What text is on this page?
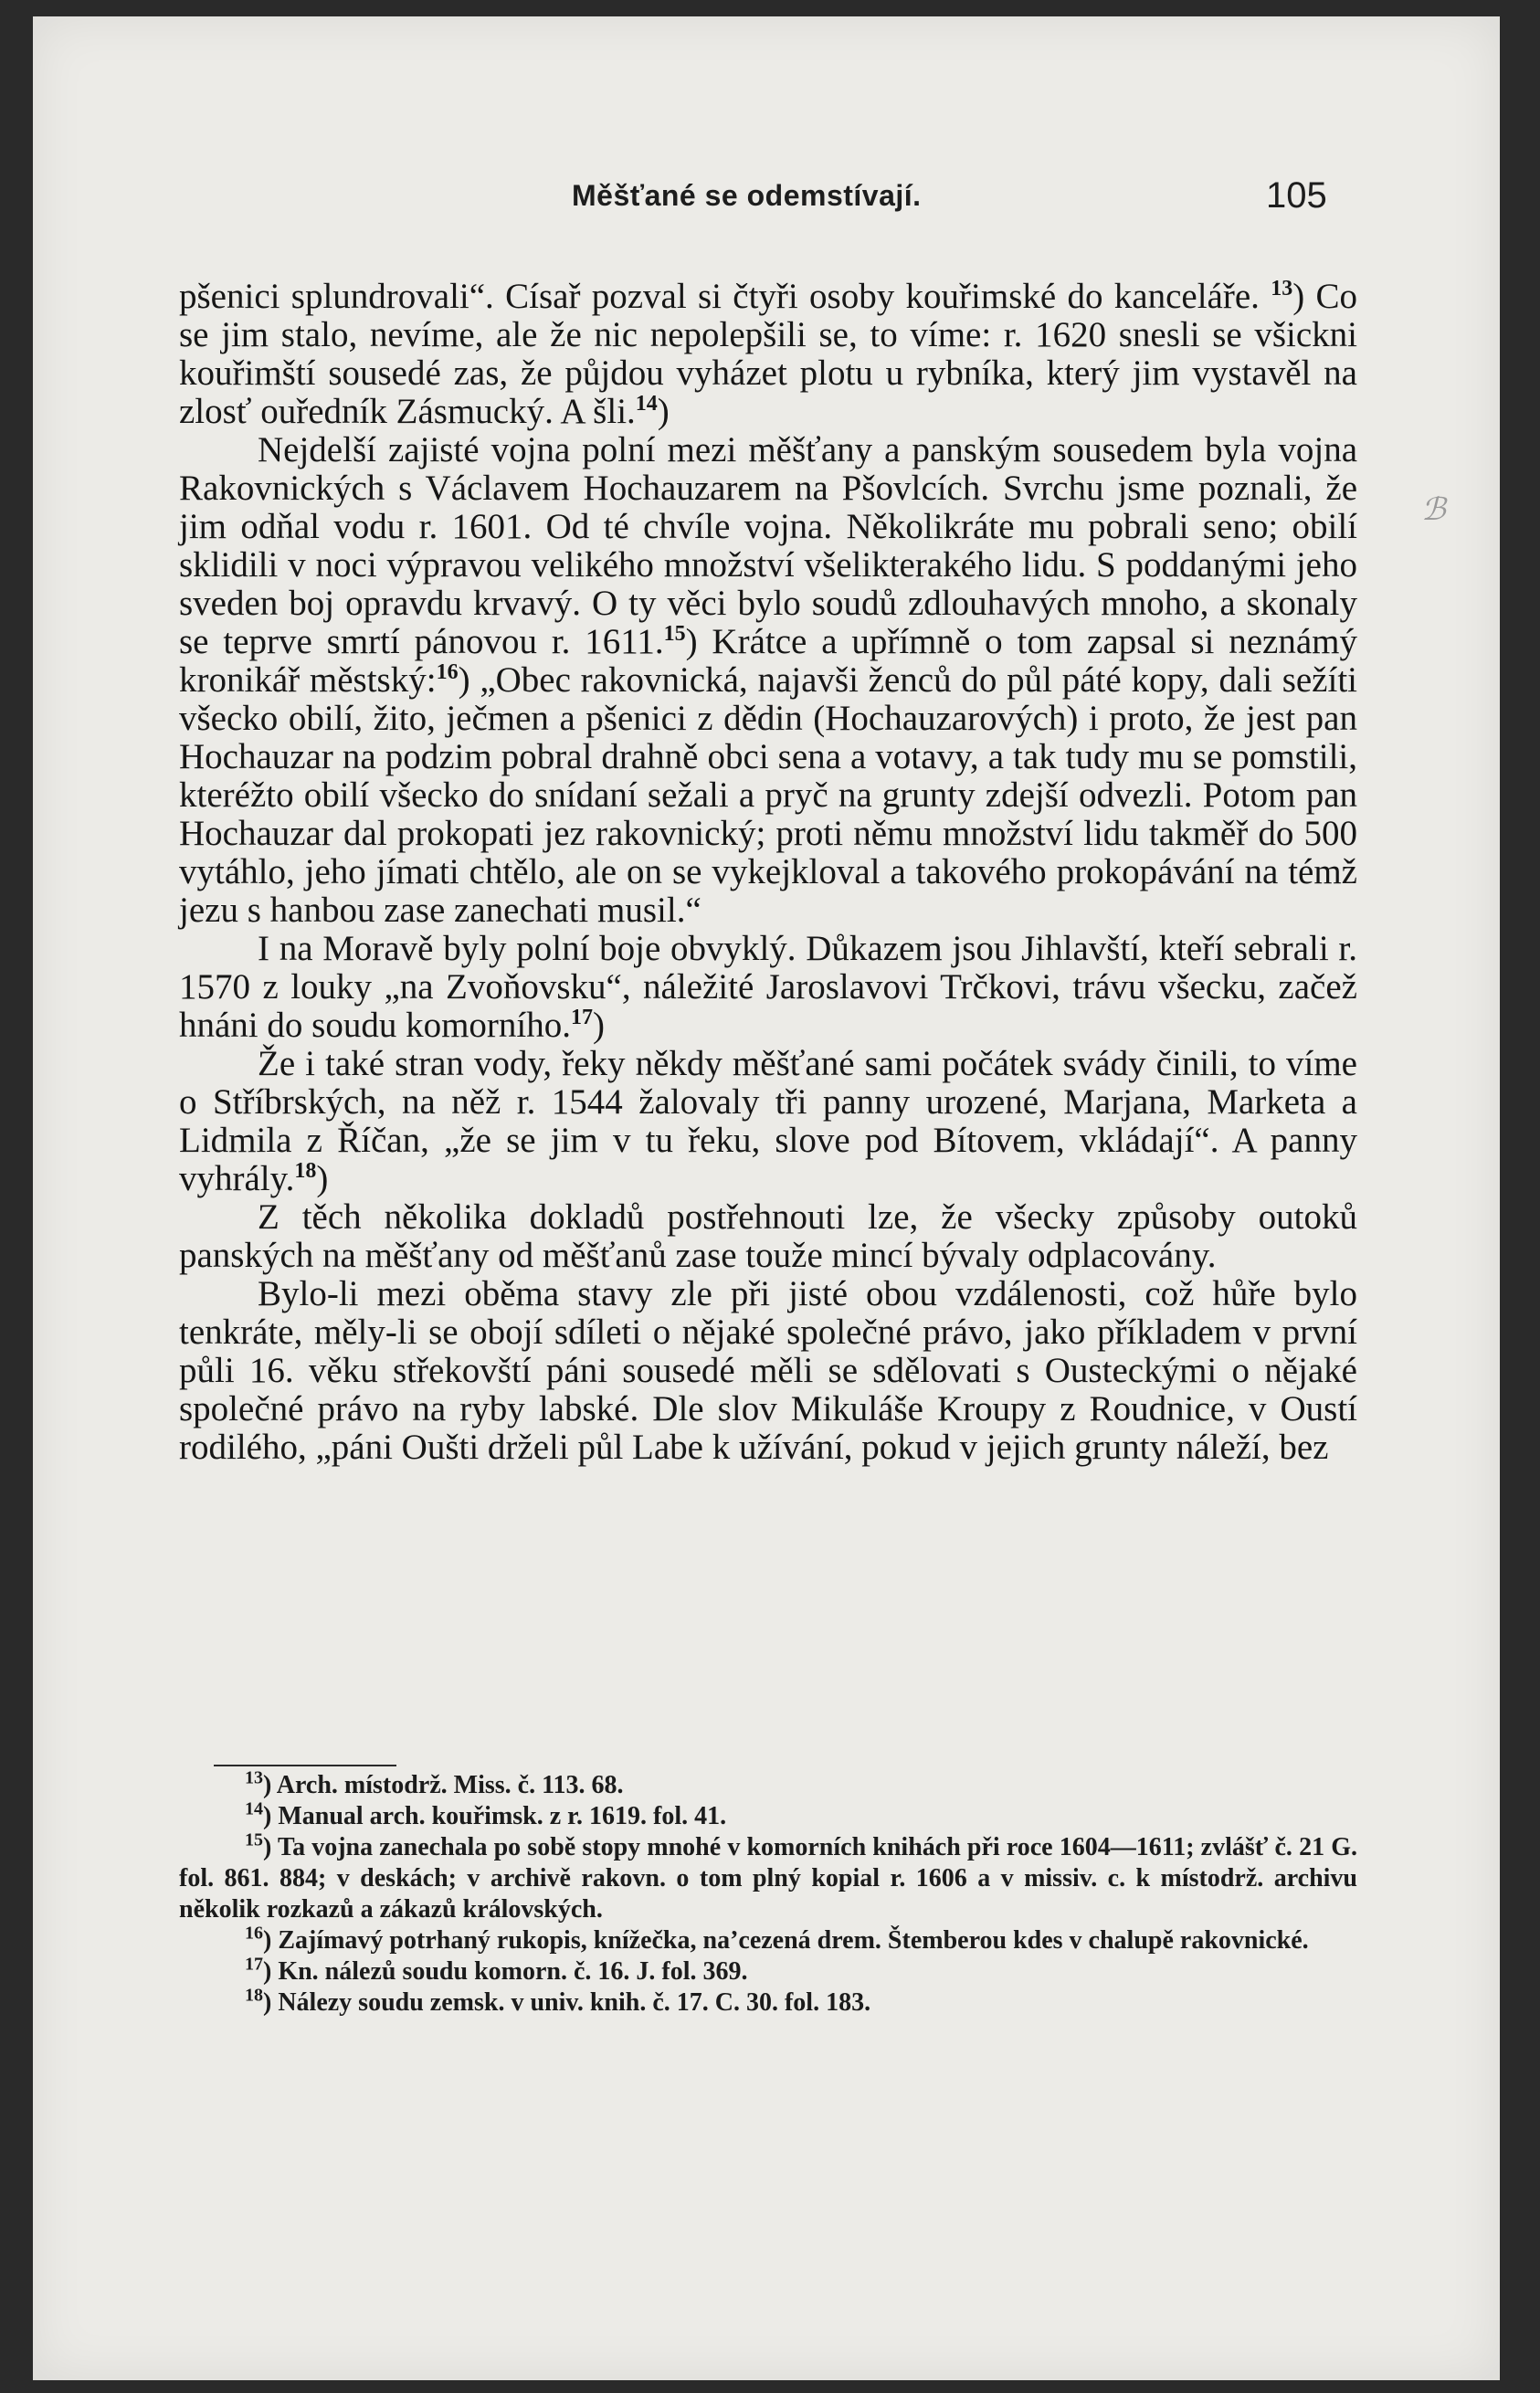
Měšťané se odemstívají.	105
ℬ

pšenici splundrovali“. Císař pozval si čtyři osoby kouřimské do kanceláře. $^{13}$) Co se jim stalo, nevíme, ale že nic nepolepšili se, to víme: r. 1620 snesli se všickni kouřimští sousedé zas, že půjdou vyházet plotu u rybníka, který jim vystavěl na zlosť ouředník Zásmucký. A šli.$^{14}$)

Nejdelší zajisté vojna polní mezi měšťany a panským sousedem byla vojna Rakovnických s Václavem Hochauzarem na Pšovlcích. Svrchu jsme poznali, že jim odňal vodu r. 1601. Od té chvíle vojna. Několikráte mu pobrali seno; obilí sklidili v noci výpravou velikého množství všelikterakého lidu. S poddanými jeho sveden boj opravdu krvavý. O ty věci bylo soudů zdlouhavých mnoho, a skonaly se teprve smrtí pánovou r. 1611.15) Krátce a upřímně o tom zapsal si neznámý kronikář městský:$^{16}$) „Obec rakovnická, najavši ženců do půl páté kopy, dali sežíti všecko obilí, žito, ječmen a pšenici z dědin (Hochauzarových) i proto, že jest pan Hochauzar na podzim pobral drahně obci sena a votavy, a tak tudy mu se pomstili, kteréžto obilí všecko do snídaní sežali a pryč na grunty zdejší odvezli. Potom pan Hochauzar dal prokopati jez rakovnický; proti němu množství lidu takměř do 500 vytáhlo, jeho jímati chtělo, ale on se vykejkloval a takového prokopávání na témž jezu s hanbou zase zanechati musil.“

I na Moravě byly polní boje obvyklý. Důkazem jsou Jihlavští, kteří sebrali r. 1570 z louky „na Zvoňovsku“, náležité Jaroslavovi Trčkovi, trávu všecku, začež hnáni do soudu komorního.$^{17}$)

Že i také stran vody, řeky někdy měšťané sami počátek svády činili, to víme o Stříbrských, na něž r. 1544 žalovaly tři panny urozené, Marjana, Marketa a Lidmila z Říčan, „že se jim v tu řeku, slove pod Bítovem, vkládají“. A panny vyhrály.$^{18}$)

Z těch několika dokladů postřehnouti lze, že všecky způsoby outoků panských na měšťany od měšťanů zase touže mincí bývaly odplacovány.

Bylo-li mezi oběma stavy zle při jisté obou vzdálenosti, což hůře bylo tenkráte, měly-li se obojí sdíleti o nějaké společné právo, jako příkladem v první půli 16. věku střekovští páni sousedé měli se sdělovati s Ousteckými o nějaké společné právo na ryby labské. Dle slov Mikuláše Kroupy z Roudnice, v Oustí rodilého, „páni Oušti drželi půl Labe k užívání, pokud v jejich grunty náleží, bez

$^{13}$) Arch. místodrž. Miss. č. 113. 68.

$^{14}$) Manual arch. kouřimsk. z r. 1619. fol. 41.

$^{15}$) Ta vojna zanechala po sobě stopy mnohé v komorních knihách při roce 1604—1611; zvlášť č. 21 G. fol. 861. 884; v deskách; v archivě rakovn. o tom plný kopial r. 1606 a v missiv. c. k místodrž. archivu několik rozkazů a zákazů královských.

$^{16}$) Zajímavý potrhaný rukopis, knížečka, na’cezená drem. Štemberou kdes v chalupě rakovnické.

$^{17}$) Kn. nálezů soudu komorn. č. 16. J. fol. 369.

$^{18}$) Nálezy soudu zemsk. v univ. knih. č. 17. C. 30. fol. 183.
